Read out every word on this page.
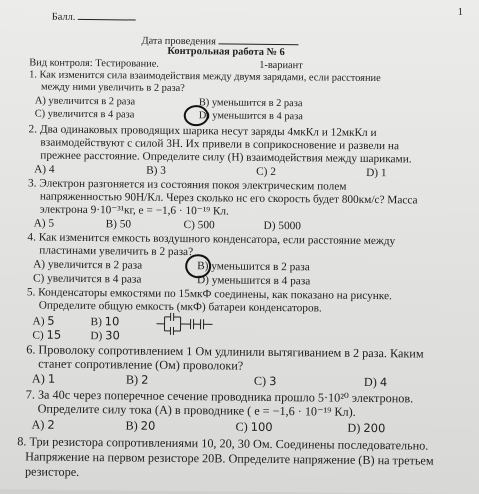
Балл.	1
Дата проведения
Контрольная работа № 6
Вид контроля: Тестирование.	1-вариант
1. Как изменится сила взаимодействия между двумя зарядами, если расстояние
между ними увеличить в 2 раза?
А) увеличится в 2 раза	В) уменьшится в 2 раза
С) увеличится в 4 раза	D) уменьшится в 4 раза
2. Два одинаковых проводящих шарика несут заряды 4мкКл и 12мкКл и
взаимодействуют с силой 3Н. Их привели в соприкосновение и развели на
прежнее расстояние. Определите силу (Н) взаимодействия между шариками.
А) 4	В) 3	С) 2	D) 1
3. Электрон разгоняется из состояния покоя электрическим полем
напряженностью 90Н/Кл. Через сколько нс его скорость будет 800км/с? Масса
электрона 9·10⁻³¹кг, е = −1,6 · 10⁻¹⁹ Кл.
А) 5	В) 50	С) 500	D) 5000
4. Как изменится емкость воздушного конденсатора, если расстояние между
пластинами увеличить в 2 раза?
А) увеличится в 2 раза	В) уменьшится в 2 раза
С) увеличится в 4 раза	D) уменьшится в 4 раза
5. Конденсаторы емкостями по 15мкФ соединены, как показано на рисунке.
Определите общую емкость (мкФ) батареи конденсаторов.
А) 5	В) 10
С) 15	D) 30
6. Проволоку сопротивлением 1 Ом удлинили вытягиванием в 2 раза. Каким
станет сопротивление (Ом) проволоки?
А) 1	В) 2	С) 3	D) 4
7. За 40с через поперечное сечение проводника прошло 5·10²⁰ электронов.
Определите силу тока (А) в проводнике ( е = −1,6 · 10⁻¹⁹ Кл).
А) 2	В) 20	С) 100	D) 200
8. Три резистора сопротивлениями 10, 20, 30 Ом. Соединены последовательно.
Напряжение на первом резисторе 20В. Определите напряжение (В) на третьем
резисторе.
